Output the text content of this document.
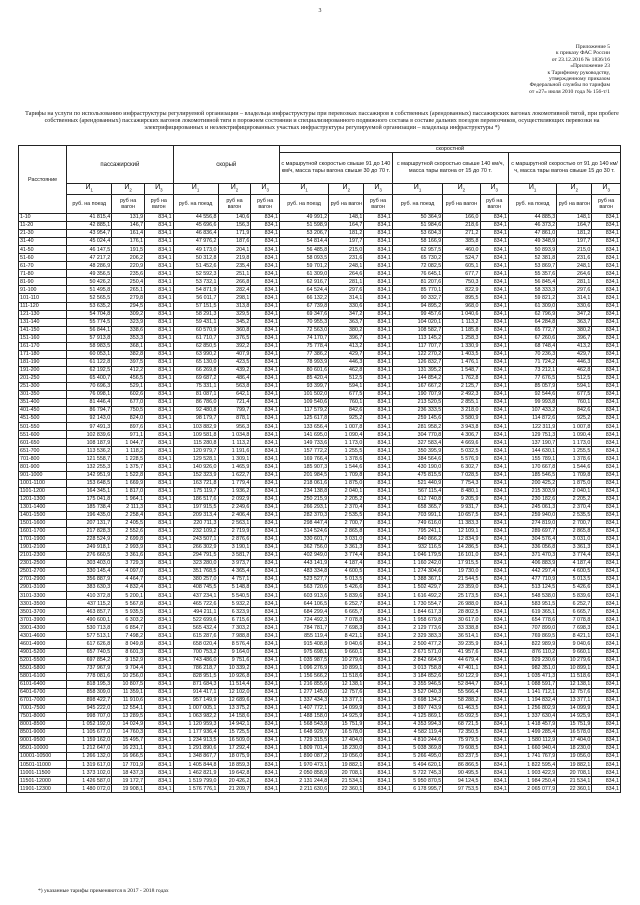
3
Приложение 5
к приказу ФАС России
от 23.12.2016 № 1836/16
«Приложение 23
к Тарифному руководству,
утвержденному приказом
Федеральной службы по тарифам
от «27» июля 2010 года № 156-т/1
Тарифы на услуги по использованию инфраструктуры регулируемой организации – владельца инфраструктуры при перевозках пассажиров в собственных (арендованных) пассажирских вагонах локомотивной тягой, при пробеге собственных (арендованных) пассажирских вагонов локомотивной тяги в порожнем состоянии и специализированного подвижного состава в составе дальних поездов перевозчиков, осуществляющих перевозки на электрифицированных и неэлектрифицированных участках инфраструктуры регулируемой организации – владельца инфраструктуры *)
Расстояние	пассажирский			скорый			скоростной								
							с маршрутной скоростью свыше 91 до 140 км/ч, масса тары вагона свыше 30 до 70 т.			с маршрутной скоростью свыше 140 км/ч, масса тары вагона от 15 до 70 т.			с маршрутной скоростью от 91 до 140 км/ч, масса тары вагона свыше 15 до 30 т.		
	$И_1$	$И_2$	$И_3$	$И_1$	$И_2$	$И_3$	$И_1$	$И_2$	$И_3$	$И_1$	$И_2$	$И_3$	$И_1$	$И_2$	$И_3$
	руб. на поезд	руб на вагон	руб на вагон	руб. на поезд	руб на вагон	руб на вагон	руб. на поезд	руб на вагон	руб на вагон	руб. на поезд	руб на вагон	руб на вагон	руб. на поезд	руб на вагон	руб на вагон
1-10	41 815,4	131,9	834,1	44 556,8	140,6	834,1	49 991,2	148,1	834,1	50 364,9	166,0	834,1	44 885,3	148,1	834,1
11-20	42 885,1	146,7	834,1	45 696,6	156,3	834,1	51 598,9	164,7	834,1	51 984,6	218,6	834,1	46 373,2	164,7	834,1
21-30	43 954,7	161,4	834,1	46 836,4	171,9	834,1	53 206,7	181,2	834,1	53 604,3	271,2	834,1	47 861,0	181,2	834,1
31-40	45 024,4	176,1	834,1	47 976,2	187,6	834,1	54 814,4	197,7	834,1	58 166,9	385,8	834,1	49 348,9	197,7	834,1
41-50	46 147,5	191,5	834,1	49 173,0	204,1	834,1	56 485,8	215,0	834,1	62 957,5	460,0	834,1	50 893,9	215,0	834,1
51-60	47 217,2	206,2	834,1	50 312,8	219,8	834,1	58 093,5	231,6	834,1	65 730,2	524,7	834,1	52 381,8	231,6	834,1
61-70	48 286,9	220,9	834,1	51 452,6	235,4	834,1	59 701,2	248,1	834,1	72 082,5	605,1	834,1	53 869,7	248,1	834,1
71-80	49 356,5	235,6	834,1	52 592,3	251,1	834,1	61 309,0	264,6	834,1	76 645,1	677,7	834,1	55 357,6	264,6	834,1
81-90	50 426,2	250,4	834,1	53 732,1	266,8	834,1	62 916,7	281,1	834,1	81 207,6	750,3	834,1	56 845,4	281,1	834,1
91-100	51 495,8	265,1	834,1	54 871,9	282,4	834,1	64 524,4	297,6	834,1	85 770,1	822,9	834,1	58 333,3	297,6	834,1
101-110	52 565,5	279,8	834,1	56 011,7	298,1	834,1	66 132,2	314,1	834,1	90 332,7	895,5	834,1	59 821,2	314,1	834,1
111-120	53 635,2	294,5	834,1	57 151,5	313,8	834,1	67 739,8	330,6	834,1	94 895,2	968,0	834,1	61 309,0	330,6	834,1
121-130	54 704,8	309,2	834,1	58 291,3	329,5	834,1	69 347,6	347,2	834,1	99 457,6	1 040,6	834,1	62 796,9	347,2	834,1
131-140	55 774,5	323,9	834,1	59 431,1	345,2	834,1	70 955,3	363,7	834,1	104 020,1	1 113,2	834,1	64 284,8	363,7	834,1
141-150	56 844,1	338,6	834,1	60 570,9	360,8	834,1	72 563,0	380,2	834,1	108 582,7	1 185,8	834,1	65 772,7	380,2	834,1
151-160	57 913,8	353,3	834,1	61 710,7	376,5	834,1	74 170,7	396,7	834,1	113 145,2	1 258,3	834,1	67 260,6	396,7	834,1
161-170	58 983,5	368,1	834,1	62 850,5	392,2	834,1	75 778,4	413,2	834,1	117 707,7	1 330,9	834,1	68 748,4	413,2	834,1
171-180	60 053,1	382,8	834,1	63 990,2	407,9	834,1	77 386,2	429,7	834,1	122 270,2	1 403,5	834,1	70 236,3	429,7	834,1
181-190	61 122,8	397,5	834,1	65 130,0	423,5	834,1	78 993,9	446,3	834,1	126 832,7	1 476,1	834,1	71 724,2	446,3	834,1
191-200	62 192,5	412,2	834,1	66 269,8	439,2	834,1	80 601,6	462,8	834,1	131 395,2	1 548,7	834,1	73 212,1	462,8	834,1
201-250	65 400,7	456,5	834,1	69 687,2	486,4	834,1	85 420,4	512,5	834,1	144 854,2	1 762,8	834,1	77 676,5	512,5	834,1
251-300	70 696,3	529,1	834,1	75 331,1	563,8	834,1	93 399,7	594,1	834,1	167 667,2	2 125,7	834,1	85 057,9	594,1	834,1
301-350	76 098,1	602,6	834,1	81 087,1	642,1	834,1	101 502,0	677,5	834,1	190 707,9	2 492,3	834,1	92 544,6	677,5	834,1
351-400	81 446,4	677,0	834,1	86 786,0	721,4	834,1	109 540,6	760,1	834,1	213 520,5	2 855,1	834,1	99 993,8	760,1	834,1
401-450	86 794,7	750,5	834,1	92 480,8	799,7	834,1	117 579,2	842,6	834,1	236 333,5	3 218,0	834,1	107 433,2	842,6	834,1
451-500	92 143,0	824,0	834,1	98 179,7	878,1	834,1	125 617,8	925,2	834,1	259 145,6	3 580,9	834,1	114 872,6	925,2	834,1
501-550	97 491,3	897,6	834,1	103 882,9	956,3	834,1	133 656,4	1 007,8	834,1	281 958,2	3 943,8	834,1	122 311,9	1 007,8	834,1
551-600	102 839,6	971,1	834,1	109 581,8	1 034,8	834,1	141 695,0	1 090,4	834,1	304 770,8	4 306,7	834,1	129 751,3	1 090,4	834,1
601-650	108 187,9	1 044,7	834,1	115 280,8	1 113,2	834,1	149 733,6	1 173,0	834,1	327 583,4	4 669,6	834,1	137 190,7	1 173,0	834,1
651-700	113 536,2	1 118,2	834,1	120 979,7	1 191,6	834,1	157 772,2	1 255,5	834,1	350 395,9	5 032,5	834,1	144 630,1	1 255,5	834,1
701-800	121 558,7	1 228,5	834,1	129 528,1	1 309,1	834,1	169 766,4	1 378,6	834,1	384 564,6	5 576,9	834,1	155 789,1	1 378,6	834,1
801-900	132 255,3	1 375,7	834,1	140 926,0	1 465,9	834,1	185 907,3	1 544,6	834,1	430 190,0	6 302,7	834,1	170 667,8	1 544,6	834,1
901-1000	142 951,9	1 522,8	834,1	152 323,9	1 622,7	834,1	201 984,5	1 709,8	834,1	475 815,5	7 028,5	834,1	185 546,5	1 709,8	834,1
1001-1100	153 648,5	1 669,9	834,1	163 721,8	1 779,4	834,1	218 061,6	1 875,0	834,1	521 440,9	7 754,3	834,1	200 425,2	1 875,0	834,1
1101-1200	164 345,1	1 817,0	834,1	175 119,7	1 936,2	834,1	234 138,8	2 040,1	834,1	567 115,4	8 480,1	834,1	215 303,9	2 040,1	834,1
1201-1300	175 041,8	1 964,1	834,1	186 517,6	2 092,9	834,1	250 215,9	2 205,2	834,1	612 740,8	9 205,9	834,1	230 182,6	2 205,2	834,1
1301-1400	185 738,4	2 111,3	834,1	197 915,5	2 249,6	834,1	266 293,1	2 370,4	834,1	658 365,7	9 931,7	834,1	245 061,3	2 370,4	834,1
1401-1500	196 435,0	2 258,4	834,1	209 313,4	2 406,4	834,1	282 370,3	2 535,5	834,1	703 991,1	10 657,5	834,1	259 940,0	2 535,5	834,1
1501-1600	207 131,7	2 405,5	834,1	220 711,3	2 563,1	834,1	298 447,4	2 700,7	834,1	749 616,0	11 383,3	834,1	274 819,0	2 700,7	834,1
1601-1700	217 828,3	2 552,6	834,1	232 109,2	2 719,9	834,1	314 524,6	2 865,8	834,1	795 241,1	12 109,1	834,1	289 697,7	2 865,8	834,1
1701-1900	228 524,9	2 699,8	834,1	243 507,1	2 876,6	834,1	330 601,7	3 031,0	834,1	840 866,2	12 834,9	834,1	304 576,4	3 031,0	834,1
1901-2100	249 918,1	2 993,9	834,1	266 302,9	3 190,1	834,1	362 756,0	3 361,3	834,1	932 116,5	14 286,5	834,1	336 056,8	3 361,3	834,1
2101-2300	276 660,5	3 361,6	834,1	294 791,5	3 581,7	834,1	402 949,0	3 774,4	834,1	1 046 179,5	16 101,0	834,1	371 470,3	3 774,4	834,1
2301-2500	303 403,0	3 729,3	834,1	323 280,0	3 973,7	834,1	443 141,9	4 187,4	834,1	1 160 242,0	17 915,5	834,1	406 883,9	4 187,4	834,1
2501-2700	330 145,4	4 097,0	834,1	351 768,5	4 365,4	834,1	483 334,8	4 600,5	834,1	1 274 304,6	19 730,0	834,1	442 297,4	4 600,5	834,1
2701-2900	356 887,9	4 464,7	834,1	380 257,0	4 757,1	834,1	523 527,7	5 013,5	834,1	1 388 367,1	21 544,5	834,1	477 710,9	5 013,5	834,1
2901-3100	383 630,3	4 832,4	834,1	408 745,5	5 148,8	834,1	563 720,6	5 426,6	834,1	1 502 429,7	23 359,0	834,1	513 124,5	5 426,6	834,1
3101-3300	410 372,8	5 200,1	834,1	437 234,1	5 540,5	834,1	603 913,6	5 839,6	834,1	1 616 492,2	25 173,5	834,1	548 538,0	5 839,6	834,1
3301-3500	437 115,2	5 567,8	834,1	465 722,6	5 932,2	834,1	644 106,5	6 252,7	834,1	1 730 554,7	26 988,0	834,1	583 951,5	6 252,7	834,1
3501-3700	463 857,7	5 935,5	834,1	494 211,1	6 323,9	834,1	684 299,4	6 665,7	834,1	1 844 617,3	28 802,5	834,1	619 365,1	6 665,7	834,1
3701-3900	490 600,1	6 303,2	834,1	522 699,6	6 715,6	834,1	724 492,3	7 078,8	834,1	1 958 679,8	30 617,0	834,1	654 778,6	7 078,8	834,1
3901-4300	530 713,8	6 854,7	834,1	565 432,4	7 303,2	834,1	784 781,7	7 698,3	834,1	2 129 773,6	33 338,8	834,1	707 899,0	7 698,3	834,1
4301-4600	577 513,1	7 498,2	834,1	615 287,6	7 988,8	834,1	855 119,4	8 421,1	834,1	2 329 383,3	36 514,1	834,1	769 869,5	8 421,1	834,1
4601-4900	617 626,8	8 049,8	834,1	658 020,4	8 576,4	834,1	915 408,8	9 040,6	834,1	2 500 477,2	39 235,9	834,1	822 989,9	9 040,6	834,1
4901-5200	657 740,5	8 601,3	834,1	700 753,2	9 164,0	834,1	975 698,1	9 660,1	834,1	2 671 571,0	41 957,6	834,1	876 110,2	9 660,1	834,1
5201-5500	697 854,2	9 152,9	834,1	743 486,0	9 751,6	834,1	1 035 987,5	10 279,6	834,1	2 842 664,9	44 679,4	834,1	929 230,6	10 279,6	834,1
5501-5800	737 967,9	9 704,4	834,1	786 218,7	10 339,2	834,1	1 096 276,9	10 899,1	834,1	3 013 758,8	47 401,1	834,1	982 351,0	10 899,1	834,1
5801-6100	778 081,6	10 256,0	834,1	828 951,5	10 926,8	834,1	1 156 566,2	11 518,6	834,1	3 184 852,6	50 122,9	834,1	1 035 471,3	11 518,6	834,1
6101-6400	818 195,3	10 807,5	834,1	871 684,3	11 514,4	834,1	1 216 855,6	12 138,1	834,1	3 355 946,5	52 844,7	834,1	1 088 591,7	12 138,1	834,1
6401-6700	858 309,0	11 359,1	834,1	914 417,1	12 102,0	834,1	1 277 145,0	12 757,6	834,1	3 527 040,3	55 566,4	834,1	1 141 712,1	12 757,6	834,1
6701-7000	898 422,7	11 910,6	834,1	957 149,9	12 689,6	834,1	1 337 434,3	13 377,1	834,1	3 698 134,2	58 288,2	834,1	1 194 832,4	13 377,1	834,1
7001-7500	945 222,0	12 554,1	834,1	1 007 005,1	13 375,2	834,1	1 407 772,1	14 099,9	834,1	3 897 743,9	61 463,5	834,1	1 256 802,9	14 099,9	834,1
7501-8000	998 707,0	13 289,5	834,1	1 063 982,2	14 158,6	834,1	1 488 158,0	14 925,9	834,1	4 125 869,1	65 092,5	834,1	1 337 630,4	14 925,9	834,1
8001-8500	1 052 192,0	14 024,9	834,1	1 120 959,3	14 942,1	834,1	1 568 543,8	15 751,9	834,1	4 353 994,3	68 721,5	834,1	1 418 457,9	15 751,9	834,1
8501-9000	1 105 677,0	14 760,3	834,1	1 177 936,4	15 725,5	834,1	1 648 929,7	16 578,0	834,1	4 582 119,4	72 350,5	834,1	1 499 285,4	16 578,0	834,1
9001-9500	1 159 162,0	15 495,7	834,1	1 234 913,5	16 509,0	834,1	1 729 315,5	17 404,0	834,1	4 810 244,6	75 979,5	834,1	1 580 112,9	17 404,0	834,1
9501-10000	1 212 647,0	16 231,1	834,1	1 291 890,6	17 292,4	834,1	1 809 701,4	18 230,0	834,1	5 038 369,8	79 608,5	834,1	1 660 940,4	18 230,0	834,1
10001-10500	1 266 132,0	16 966,5	834,1	1 348 867,7	18 075,9	834,1	1 890 087,2	19 056,0	834,1	5 266 495,0	83 237,5	834,1	1 741 767,9	19 056,0	834,1
10501-11000	1 319 617,0	17 701,9	834,1	1 405 844,8	18 859,3	834,1	1 970 473,1	19 882,1	834,1	5 494 620,1	86 866,5	834,1	1 822 595,4	19 882,1	834,1
11001-11500	1 373 102,0	18 437,3	834,1	1 462 821,9	19 642,8	834,1	2 050 858,9	20 708,1	834,1	5 722 745,3	90 495,5	834,1	1 903 422,9	20 708,1	834,1
11501-12000	1 426 587,0	19 172,7	834,1	1 519 799,0	20 426,2	834,1	2 131 244,8	21 534,1	834,1	5 950 870,5	94 124,5	834,1	1 984 250,4	21 534,1	834,1
11901-12300	1 480 072,0	19 908,1	834,1	1 576 776,1	21 209,7	834,1	2 211 630,6	22 360,1	834,1	6 178 995,7	97 753,5	834,1	2 065 077,9	22 360,1	834,1
*) указанные тарифы применяются в 2017 - 2018 годах
